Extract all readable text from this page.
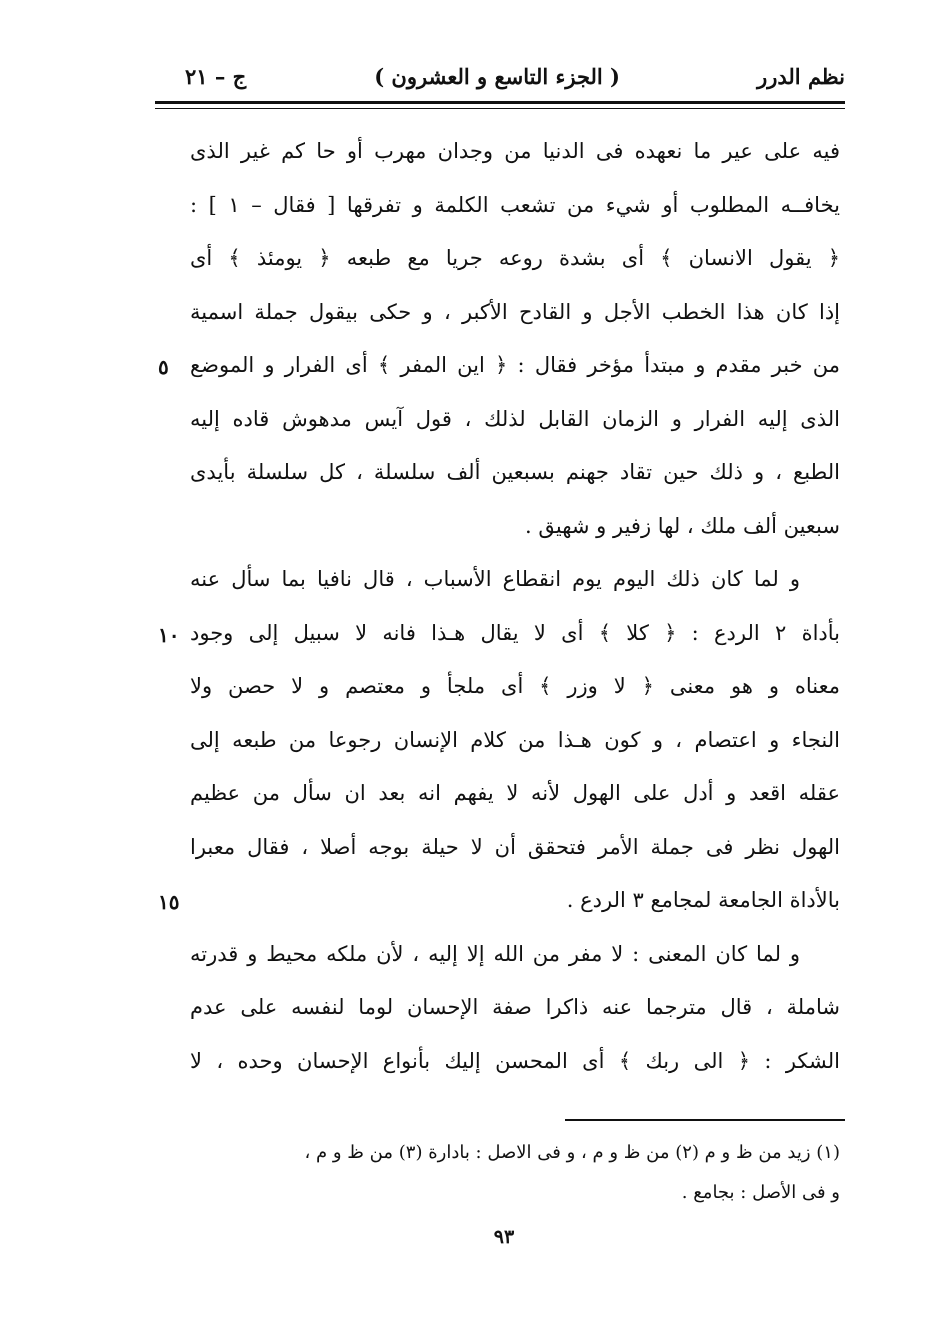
نظم الدرر
( الجزء التاسع و العشرون )
ج – ٢١
فيه على عير ما نعهده فى الدنيا من وجدان مهرب أو حا كم غير الذى
يخافــه المطلوب أو شيء من تشعب الكلمة و تفرقها [ فقال – ١ ] :
﴿ يقول الانسان ﴾ أى بشدة روعه جريا مع طبعه ﴿ يومئذ ﴾ أى
إذا كان هذا الخطب الأجل و القادح الأكبر ، و حكى بيقول جملة اسمية
من خبر مقدم و مبتدأ مؤخر فقال : ﴿ اين المفر ﴾ أى الفرار و الموضع
الذى إليه الفرار و الزمان القابل لذلك ، قول آيس مدهوش قاده إليه
الطبع ، و ذلك حين تقاد جهنم بسبعين ألف سلسلة ، كل سلسلة بأيدى
سبعين ألف ملك ، لها زفير و شهيق .
و لما كان ذلك اليوم يوم انقطاع الأسباب ، قال نافيا بما سأل عنه
بأداة ٢ الردع : ﴿ كلا ﴾ أى لا يقال هـذا فانه لا سبيل إلى وجود
معناه و هو معنى ﴿ لا وزر ﴾ أى ملجأ و معتصم و لا حصن ولا
النجاء و اعتصام ، و كون هـذا من كلام الإنسان رجوعا من طبعه إلى
عقله اقعد و أدل على الهول لأنه لا يفهم انه بعد ان سأل من عظيم
الهول نظر فى جملة الأمر فتحقق أن لا حيلة بوجه أصلا ، فقال معبرا
بالأداة الجامعة لمجامع ٣ الردع .
و لما كان المعنى : لا مفر من الله إلا إليه ، لأن ملكه محيط و قدرته
شاملة ، قال مترجما عنه ذاكرا صفة الإحسان لوما لنفسه على عدم
الشكر : ﴿ الى ربك ﴾ أى المحسن إليك بأنواع الإحسان وحده ، لا
٥
١٠
١٥
(١) زيد من ظ و م (٢) من ظ و م ، و فى الاصل : بادارة (٣) من ظ و م ،
و فى الأصل : بجامع .
٩٣
